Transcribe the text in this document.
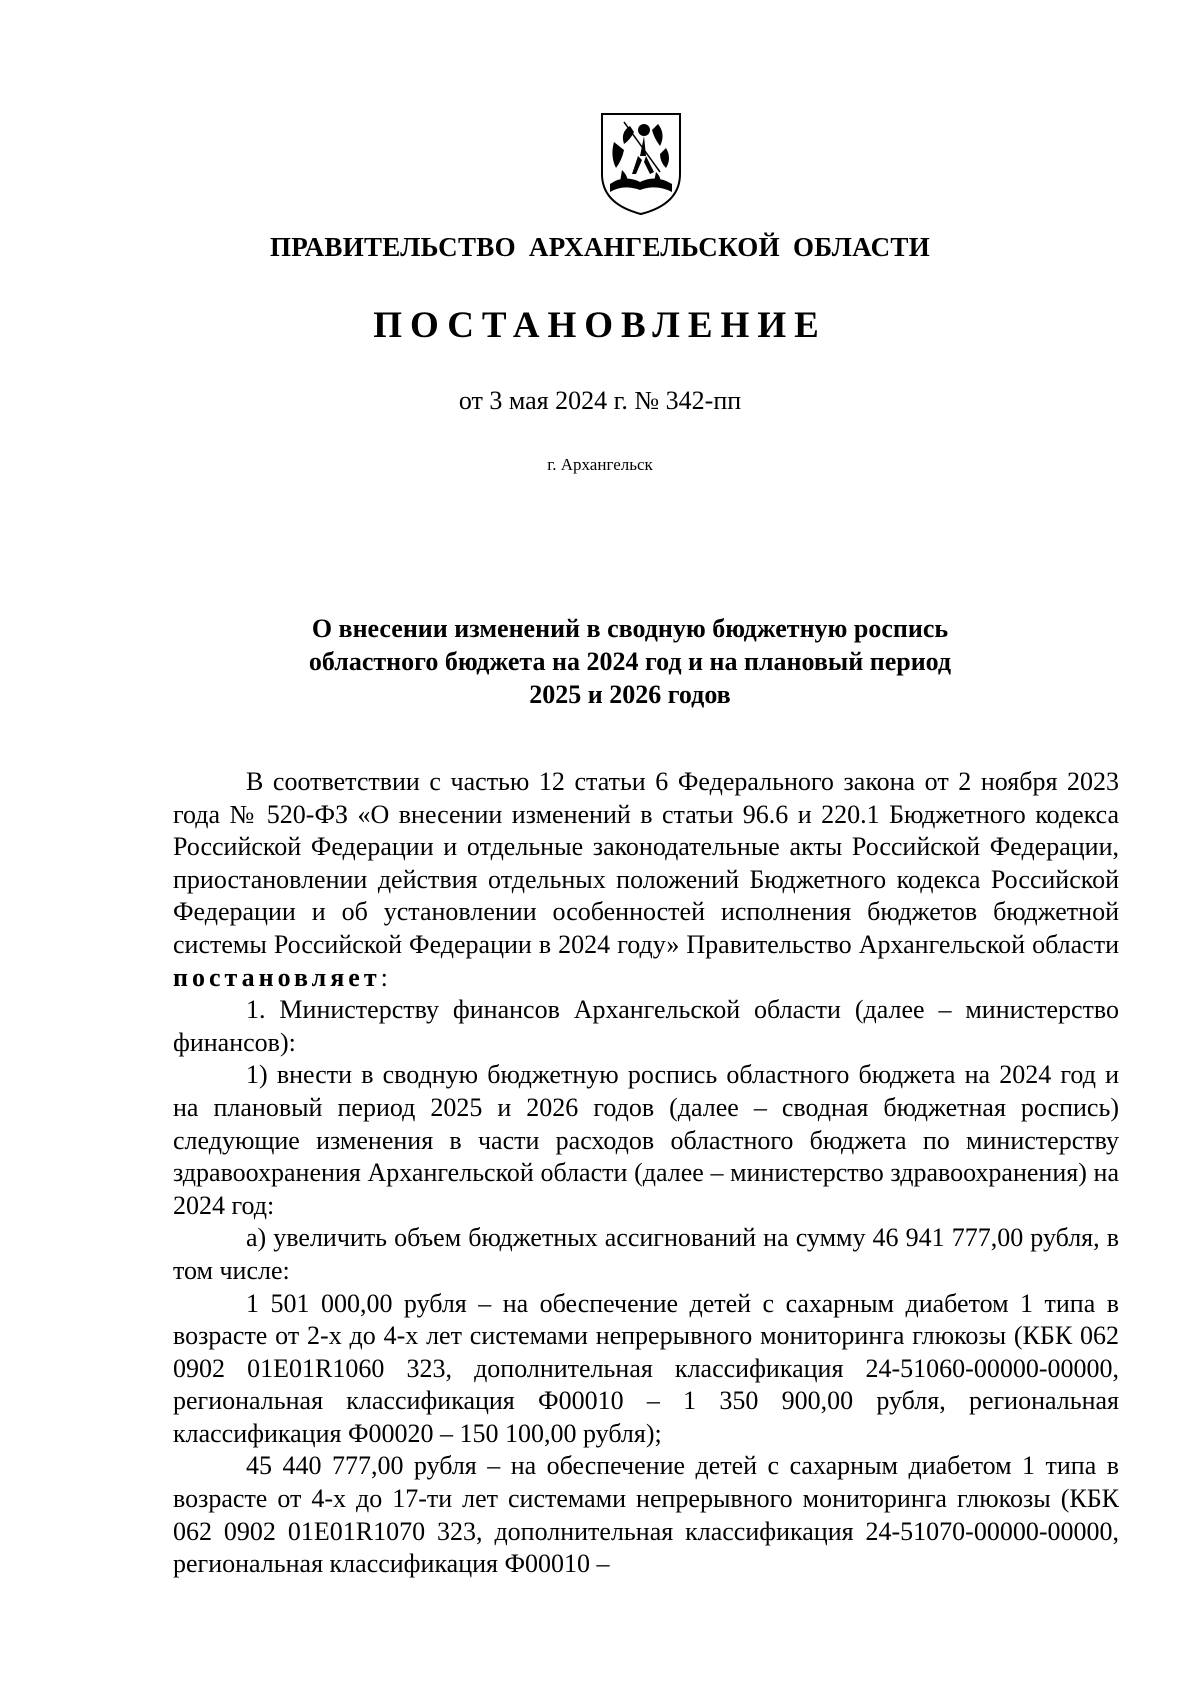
ПРАВИТЕЛЬСТВО АРХАНГЕЛЬСКОЙ ОБЛАСТИ
ПОСТАНОВЛЕНИЕ
от 3 мая 2024 г. № 342-пп
г. Архангельск
О внесении изменений в сводную бюджетную роспись
областного бюджета на 2024 год и на плановый период
2025 и 2026 годов

В соответствии с частью 12 статьи 6 Федерального закона от 2 ноября 2023 года № 520-ФЗ «О внесении изменений в статьи 96.6 и 220.1 Бюджетного кодекса Российской Федерации и отдельные законодательные акты Российской Федерации, приостановлении действия отдельных положений Бюджетного кодекса Российской Федерации и об установлении особенностей исполнения бюджетов бюджетной системы Российской Федерации в 2024 году» Правительство Архангельской области постановляет:

1. Министерству финансов Архангельской области (далее – министерство финансов):

1) внести в сводную бюджетную роспись областного бюджета на 2024 год и на плановый период 2025 и 2026 годов (далее – сводная бюджетная роспись) следующие изменения в части расходов областного бюджета по министерству здравоохранения Архангельской области (далее – министерство здравоохранения) на 2024 год:

а) увеличить объем бюджетных ассигнований на сумму 46 941 777,00 рубля, в том числе:

1 501 000,00 рубля – на обеспечение детей с сахарным диабетом 1 типа в возрасте от 2-х до 4-х лет системами непрерывного мониторинга глюкозы (КБК 062 0902 01Е01R1060 323, дополнительная классификация 24-51060-00000-00000, региональная классификация Ф00010 – 1 350 900,00 рубля, региональная классификация Ф00020 – 150 100,00 рубля);

45 440 777,00 рубля – на обеспечение детей с сахарным диабетом 1 типа в возрасте от 4-х до 17-ти лет системами непрерывного мониторинга глюкозы (КБК 062 0902 01Е01R1070 323, дополнительная классификация 24-51070-00000-00000, региональная классификация Ф00010 –
